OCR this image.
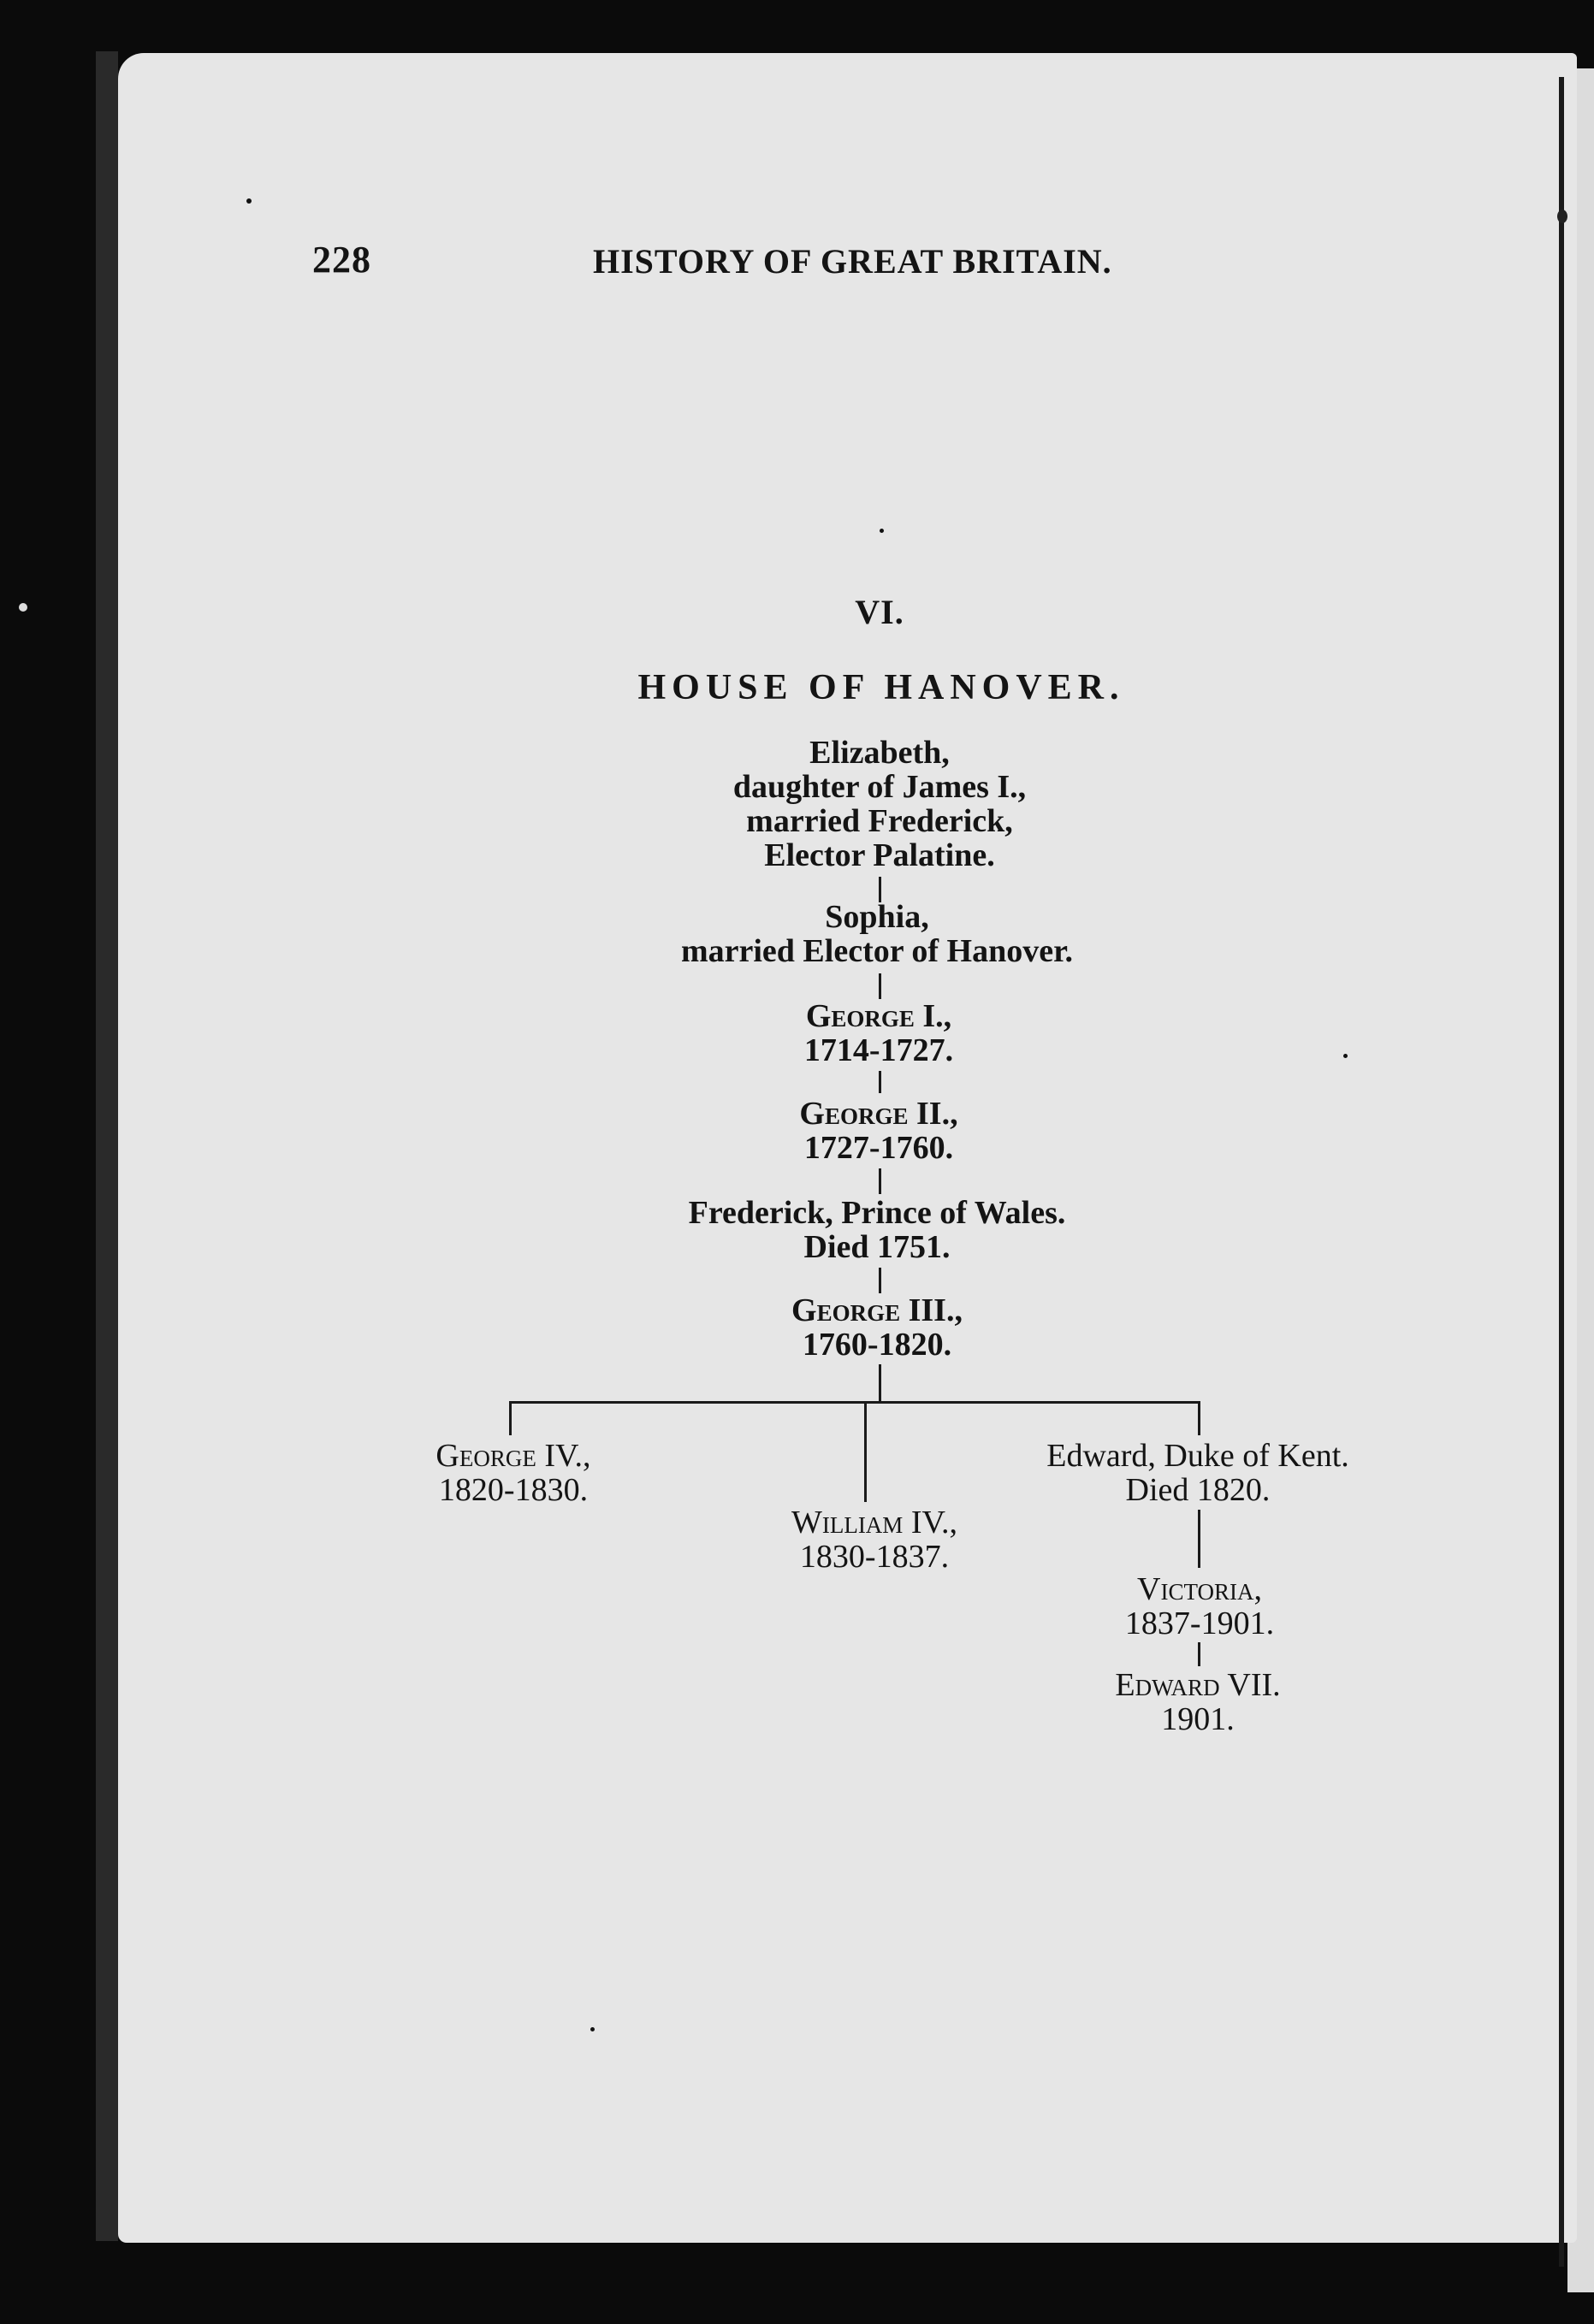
228	HISTORY OF GREAT BRITAIN.
VI.
HOUSE OF HANOVER.
Elizabeth,
daughter of James I.,
married Frederick,
Elector Palatine.
Sophia,
married Elector of Hanover.
George I.,
1714-1727.
George II.,
1727-1760.
Frederick, Prince of Wales.
Died 1751.
George III.,
1760-1820.
George IV.,
1820-1830.
William IV.,
1830-1837.
Edward, Duke of Kent.
Died 1820.
Victoria,
1837-1901.
Edward VII.
1901.
